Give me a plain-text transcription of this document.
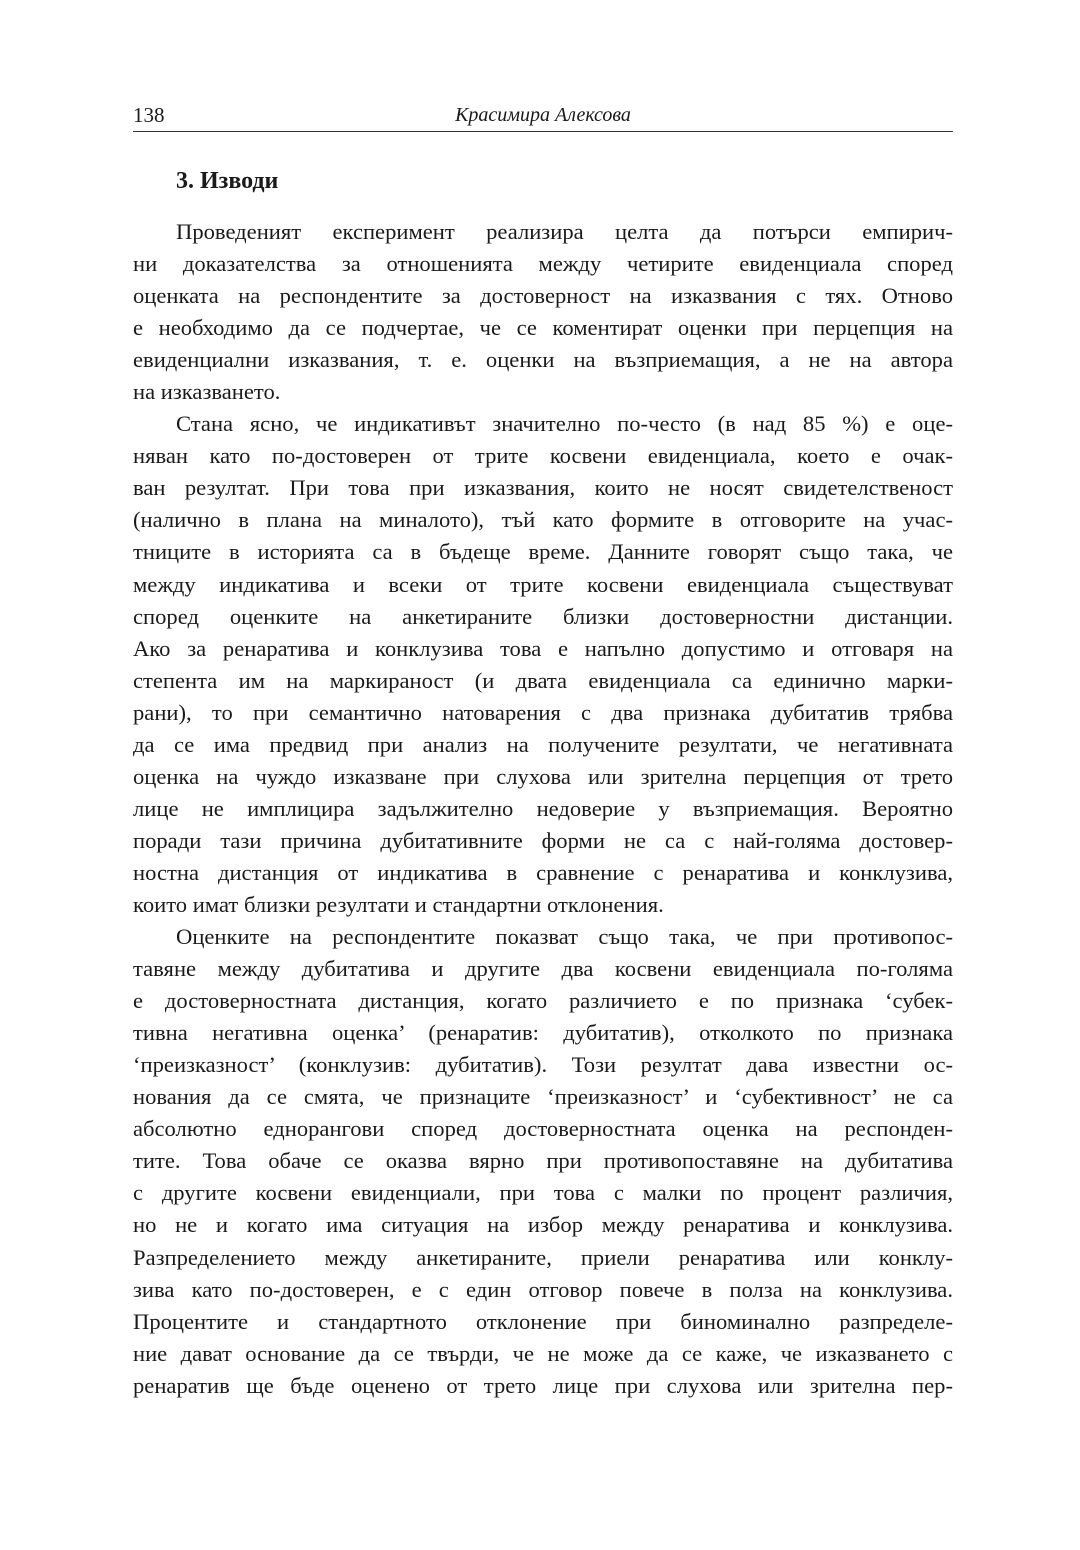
138	Красимира Алексова
3. Изводи
Проведеният експеримент реализира целта да потърси емпирич-
ни доказателства за отношенията между четирите евиденциала според
оценката на респондентите за достоверност на изказвания с тях. Отново
е необходимо да се подчертае, че се коментират оценки при перцепция на
евиденциални изказвания, т. е. оценки на възприемащия, а не на автора
на изказването.
Стана ясно, че индикативът значително по-често (в над 85 %) е оце-
няван като по-достоверен от трите косвени евиденциала, което е очак-
ван резултат. При това при изказвания, които не носят свидетелственост
(налично в плана на миналото), тъй като формите в отговорите на учас-
тниците в историята са в бъдеще време. Данните говорят също така, че
между индикатива и всеки от трите косвени евиденциала съществуват
според оценките на анкетираните близки достоверностни дистанции.
Ако за ренаратива и конклузива това е напълно допустимо и отговаря на
степента им на маркираност (и двата евиденциала са единично марки-
рани), то при семантично натоварения с два признака дубитатив трябва
да се има предвид при анализ на получените резултати, че негативната
оценка на чуждо изказване при слухова или зрителна перцепция от трето
лице не имплицира задължително недоверие у възприемащия. Вероятно
поради тази причина дубитативните форми не са с най-голяма достовер-
ностна дистанция от индикатива в сравнение с ренаратива и конклузива,
които имат близки резултати и стандартни отклонения.
Оценките на респондентите показват също така, че при противопос-
тавяне между дубитатива и другите два косвени евиденциала по-голяма
е достоверностната дистанция, когато различието е по признака ‘субек-
тивна негативна оценка’ (ренаратив: дубитатив), отколкото по признака
‘преизказност’ (конклузив: дубитатив). Този резултат дава известни ос-
нования да се смята, че признаците ‘преизказност’ и ‘субективност’ не са
абсолютно еднорангови според достоверностната оценка на респонден-
тите. Това обаче се оказва вярно при противопоставяне на дубитатива
с другите косвени евиденциали, при това с малки по процент различия,
но не и когато има ситуация на избор между ренаратива и конклузива.
Разпределението между анкетираните, приели ренаратива или конклу-
зива като по-достоверен, е с един отговор повече в полза на конклузива.
Процентите и стандартното отклонение при биноминално разпределе-
ние дават основание да се твърди, че не може да се каже, че изказването с
ренаратив ще бъде оценено от трето лице при слухова или зрителна пер-
